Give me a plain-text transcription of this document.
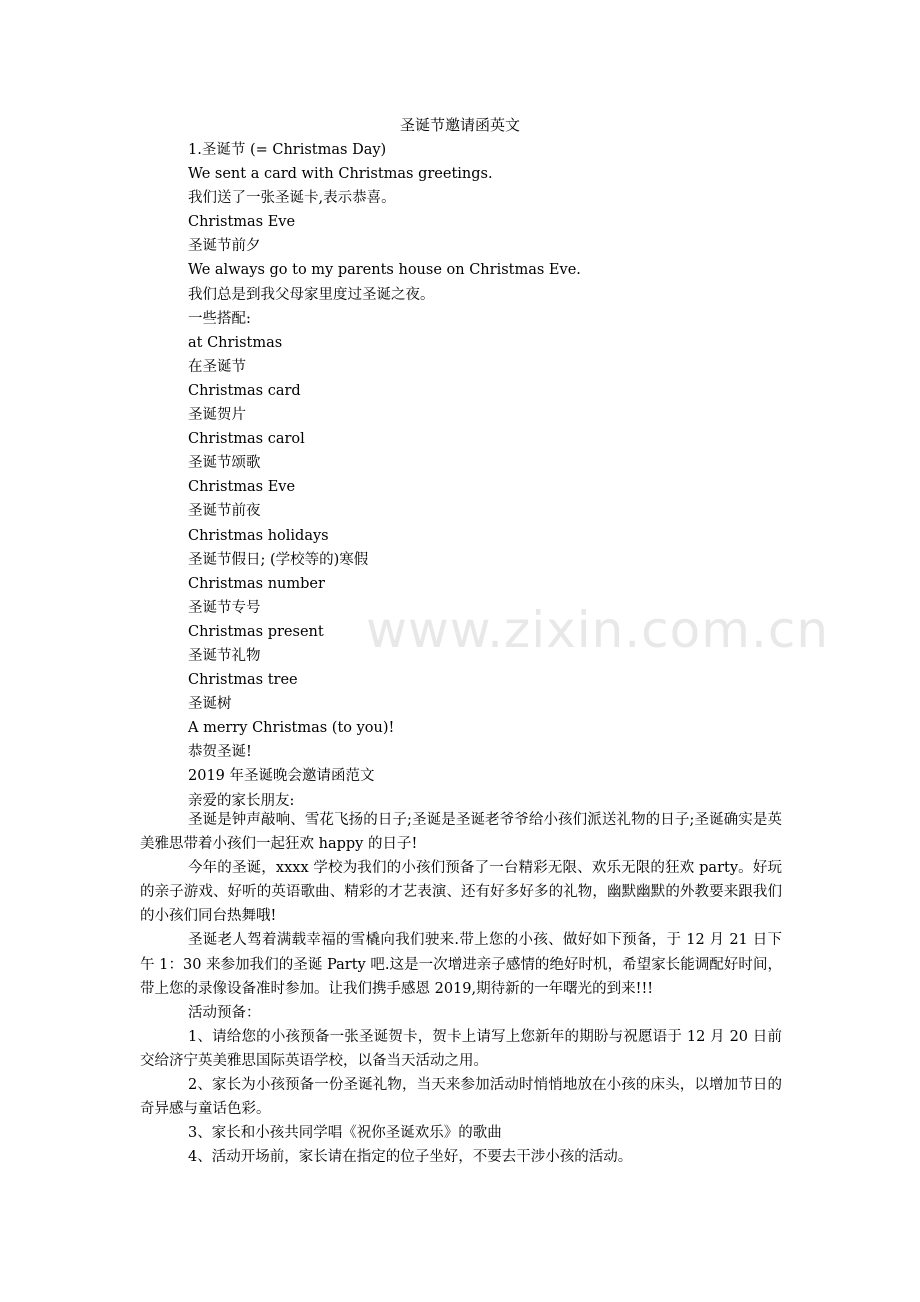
www.zixin.com.cn
圣诞节邀请函英文
1.圣诞节 (= Christmas Day)
We sent a card with Christmas greetings.
我们送了一张圣诞卡,表示恭喜。
Christmas Eve
圣诞节前夕
We always go to my parents house on Christmas Eve.
我们总是到我父母家里度过圣诞之夜。
一些搭配:
at Christmas
在圣诞节
Christmas card
圣诞贺片
Christmas carol
圣诞节颂歌
Christmas Eve
圣诞节前夜
Christmas holidays
圣诞节假日; (学校等的)寒假
Christmas number
圣诞节专号
Christmas present
圣诞节礼物
Christmas tree
圣诞树
A merry Christmas (to you)!
恭贺圣诞!
2019 年圣诞晚会邀请函范文
亲爱的家长朋友:

圣诞是钟声敲响、雪花飞扬的日子;圣诞是圣诞老爷爷给小孩们派送礼物的日子;圣诞确实是英美雅思带着小孩们一起狂欢 happy 的日子!

今年的圣诞，xxxx 学校为我们的小孩们预备了一台精彩无限、欢乐无限的狂欢 party。好玩的亲子游戏、好听的英语歌曲、精彩的才艺表演、还有好多好多的礼物，幽默幽默的外教要来跟我们的小孩们同台热舞哦!

圣诞老人驾着满载幸福的雪橇向我们驶来.带上您的小孩、做好如下预备，于 12 月 21 日下午 1：30 来参加我们的圣诞 Party 吧.这是一次增进亲子感情的绝好时机，希望家长能调配好时间，带上您的录像设备准时参加。让我们携手感恩 2019,期待新的一年曙光的到来!!!

活动预备：

1、请给您的小孩预备一张圣诞贺卡，贺卡上请写上您新年的期盼与祝愿语于 12 月 20 日前交给济宁英美雅思国际英语学校，以备当天活动之用。

2、家长为小孩预备一份圣诞礼物，当天来参加活动时悄悄地放在小孩的床头，以增加节日的奇异感与童话色彩。

3、家长和小孩共同学唱《祝你圣诞欢乐》的歌曲

4、活动开场前，家长请在指定的位子坐好，不要去干涉小孩的活动。
